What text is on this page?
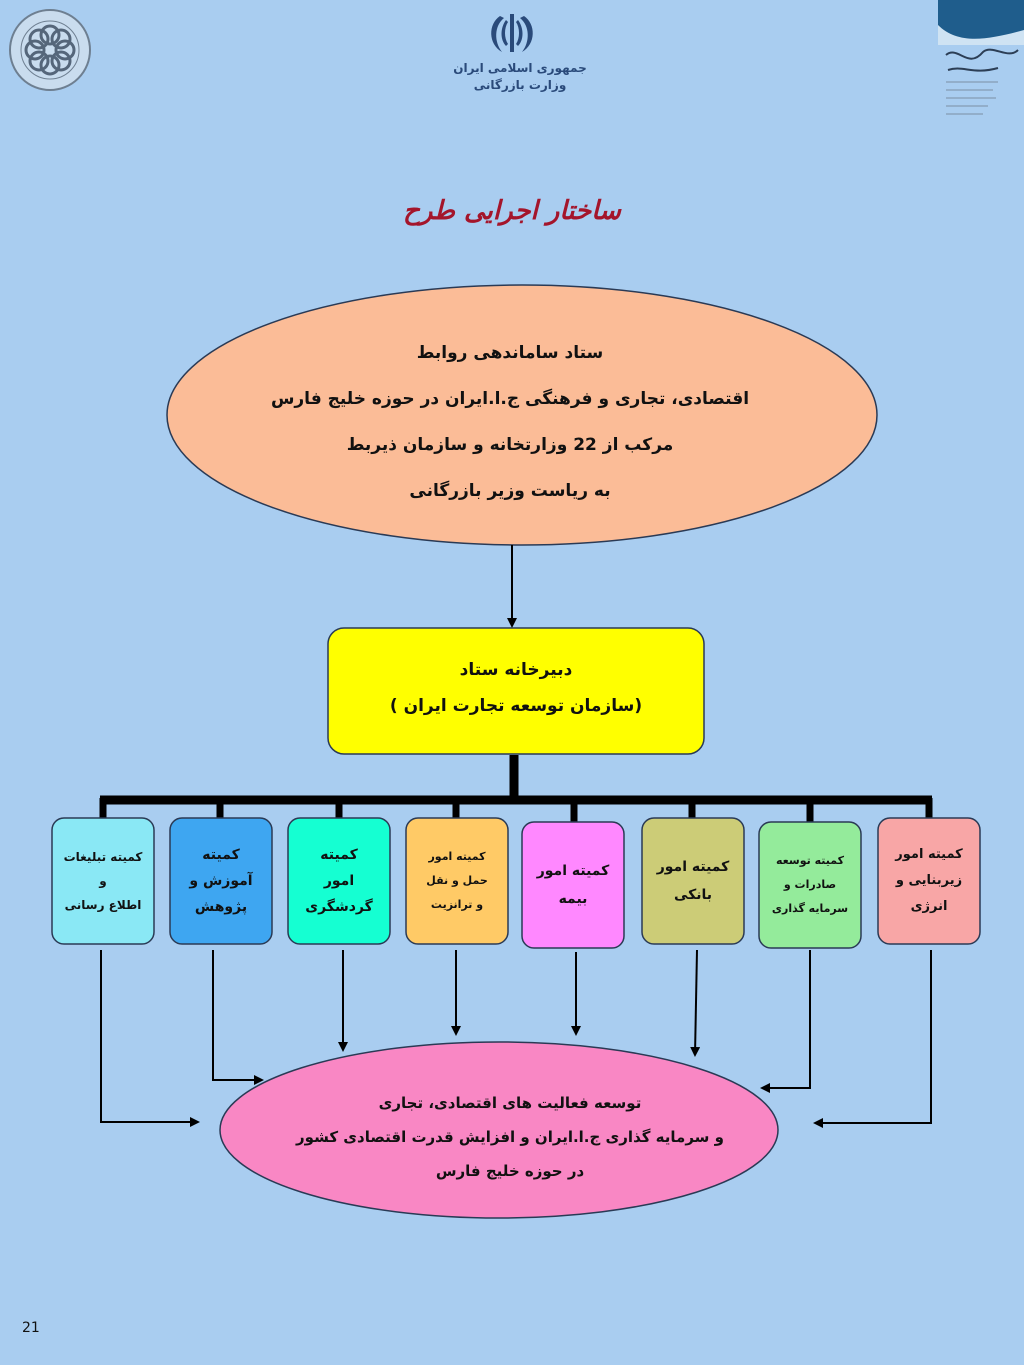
جمهوری اسلامی ایران
وزارت بازرگانی
ساختار اجرایی طرح
ستاد ساماندهی روابط
اقتصادی، تجاری و فرهنگی ج.ا.ایران در حوزه خلیج فارس
مرکب از 22 وزارتخانه و سازمان ذیربط
به ریاست وزیر بازرگانی
دبیرخانه ستاد
(سازمان توسعه تجارت ایران )
کمیته تبلیغات
و
اطلاع رسانی
کمیته
آموزش و
پژوهش
کمیته
امور
گردشگری
کمیته امور
حمل و نقل
و ترانزیت
کمیته امور
بیمه
کمیته امور
بانکی
کمیته توسعه
صادرات و
سرمایه گذاری
کمیته امور
زیربنایی و
انرژی
توسعه فعالیت های اقتصادی، تجاری
و سرمایه گذاری ج.ا.ایران و افزایش قدرت اقتصادی کشور
در حوزه خلیج فارس
21
